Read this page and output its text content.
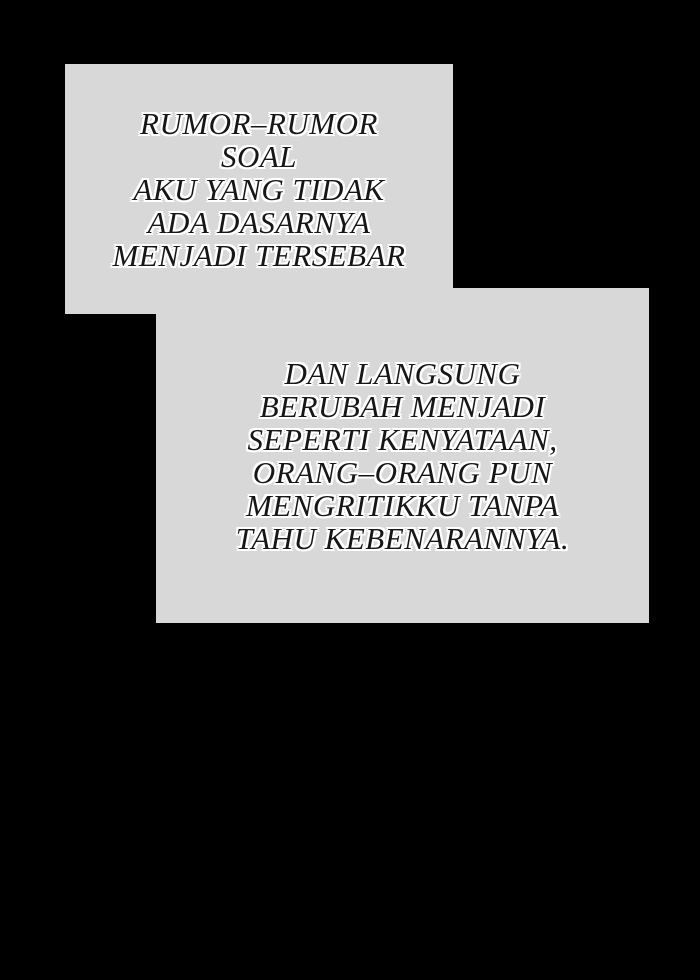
RUMOR–RUMOR
SOAL
AKU YANG TIDAK
ADA DASARNYA
MENJADI TERSEBAR
DAN LANGSUNG
BERUBAH MENJADI
SEPERTI KENYATAAN,
ORANG–ORANG PUN
MENGRITIKKU TANPA
TAHU KEBENARANNYA.
